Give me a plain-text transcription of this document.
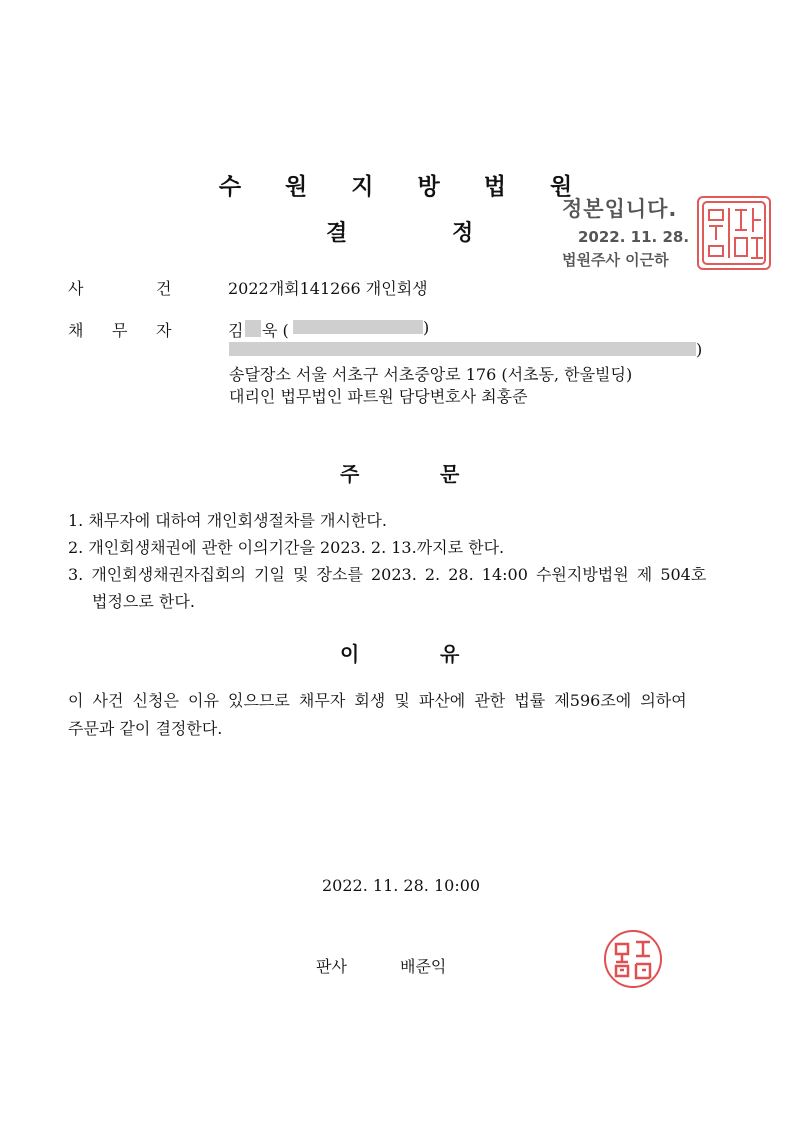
수 원 지 방 법 원
결	정
정본입니다.
2022. 11. 28.
법원주사 이근하
사	건	2022개회141266 개인회생
채 무 자	김 욱 (	)
)
송달장소 서울 서초구 서초중앙로 176 (서초동, 한울빌딩)
대리인 법무법인 파트원 담당변호사 최홍준
주	문
1. 채무자에 대하여 개인회생절차를 개시한다.
2. 개인회생채권에 관한 이의기간을 2023. 2. 13.까지로 한다.
3. 개인회생채권자집회의 기일 및 장소를 2023. 2. 28. 14:00 수원지방법원 제 504호
법정으로 한다.
이	유
이 사건 신청은 이유 있으므로 채무자 회생 및 파산에 관한 법률 제596조에 의하여
주문과 같이 결정한다.
2022. 11. 28. 10:00
판사	배준익
